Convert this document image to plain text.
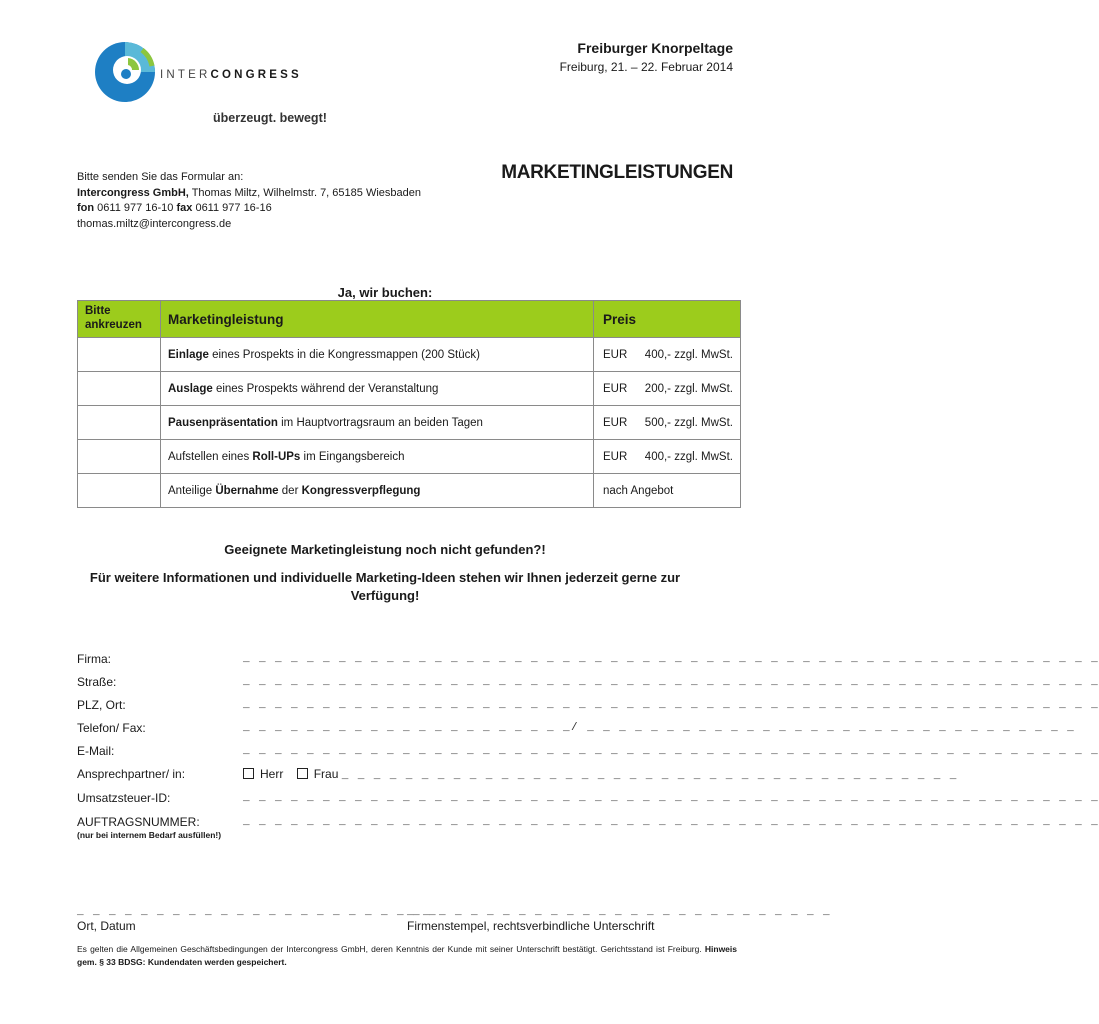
INTERCONGRESS
überzeugt. bewegt!
Freiburger Knorpeltage
Freiburg, 21. – 22. Februar 2014
Bitte senden Sie das Formular an:
Intercongress GmbH, Thomas Miltz, Wilhelmstr. 7, 65185 Wiesbaden
fon 0611 977 16-10 fax 0611 977 16-16
thomas.miltz@intercongress.de
MARKETINGLEISTUNGEN
Ja, wir buchen:
Bitte ankreuzen	Marketingleistung	Preis
	Einlage eines Prospekts in die Kongressmappen (200 Stück)	EUR 400,- zzgl. MwSt.

	Auslage eines Prospekts während der Veranstaltung	EUR 200,- zzgl. MwSt.

	Pausenpräsentation im Hauptvortragsraum an beiden Tagen	EUR 500,- zzgl. MwSt.

	Aufstellen eines Roll-UPs im Eingangsbereich	EUR 400,- zzgl. MwSt.

	Anteilige Übernahme der Kongressverpflegung	nach Angebot
Geeignete Marketingleistung noch nicht gefunden?!
Für weitere Informationen und individuelle Marketing-Ideen stehen wir Ihnen jederzeit gerne zur Verfügung!
Firma:	_ _ _ _ _ _ _ _ _ _ _ _ _ _ _ _ _ _ _ _ _ _ _ _ _ _ _ _ _ _ _ _ _ _ _ _ _ _ _ _ _ _ _ _ _ _ _ _ _ _ _ _ _ _
Straße:	_ _ _ _ _ _ _ _ _ _ _ _ _ _ _ _ _ _ _ _ _ _ _ _ _ _ _ _ _ _ _ _ _ _ _ _ _ _ _ _ _ _ _ _ _ _ _ _ _ _ _ _ _ _
PLZ, Ort:	_ _ _ _ _ _ _ _ _ _ _ _ _ _ _ _ _ _ _ _ _ _ _ _ _ _ _ _ _ _ _ _ _ _ _ _ _ _ _ _ _ _ _ _ _ _ _ _ _ _ _ _ _ _
Telefon/ Fax:	_ _ _ _ _ _ _ _ _ _ _ _ _ _ _ _ _ _ _ _ _/ _ _ _ _ _ _ _ _ _ _ _ _ _ _ _ _ _ _ _ _ _ _ _ _ _ _ _ _ _ _ _
E-Mail:	_ _ _ _ _ _ _ _ _ _ _ _ _ _ _ _ _ _ _ _ _ _ _ _ _ _ _ _ _ _ _ _ _ _ _ _ _ _ _ _ _ _ _ _ _ _ _ _ _ _ _ _ _ _
Ansprechpartner/ in:	Herr	Frau _ _ _ _ _ _ _ _ _ _ _ _ _ _ _ _ _ _ _ _ _ _ _ _ _ _ _ _ _ _ _ _ _ _ _ _ _ _ _
Umsatzsteuer-ID:	_ _ _ _ _ _ _ _ _ _ _ _ _ _ _ _ _ _ _ _ _ _ _ _ _ _ _ _ _ _ _ _ _ _ _ _ _ _ _ _ _ _ _ _ _ _ _ _ _ _ _ _ _ _
AUFTRAGSNUMMER:	_ _ _ _ _ _ _ _ _ _ _ _ _ _ _ _ _ _ _ _ _ _ _ _ _ _ _ _ _ _ _ _ _ _ _ _ _ _ _ _ _ _ _ _ _ _ _ _ _ _ _ _ _ _
(nur bei internem Bedarf ausfüllen!)
_ _ _ _ _ _ _ _ _ _ _ _ _ _ _ _ _ _ _ _ _ _ _
Ort, Datum
_ _ _ _ _ _ _ _ _ _ _ _ _ _ _ _ _ _ _ _ _ _ _ _ _ _ _
Firmenstempel, rechtsverbindliche Unterschrift
Es gelten die Allgemeinen Geschäftsbedingungen der Intercongress GmbH, deren Kenntnis der Kunde mit seiner Unterschrift bestätigt. Gerichtsstand ist Freiburg. Hinweis gem. § 33 BDSG: Kundendaten werden gespeichert.
